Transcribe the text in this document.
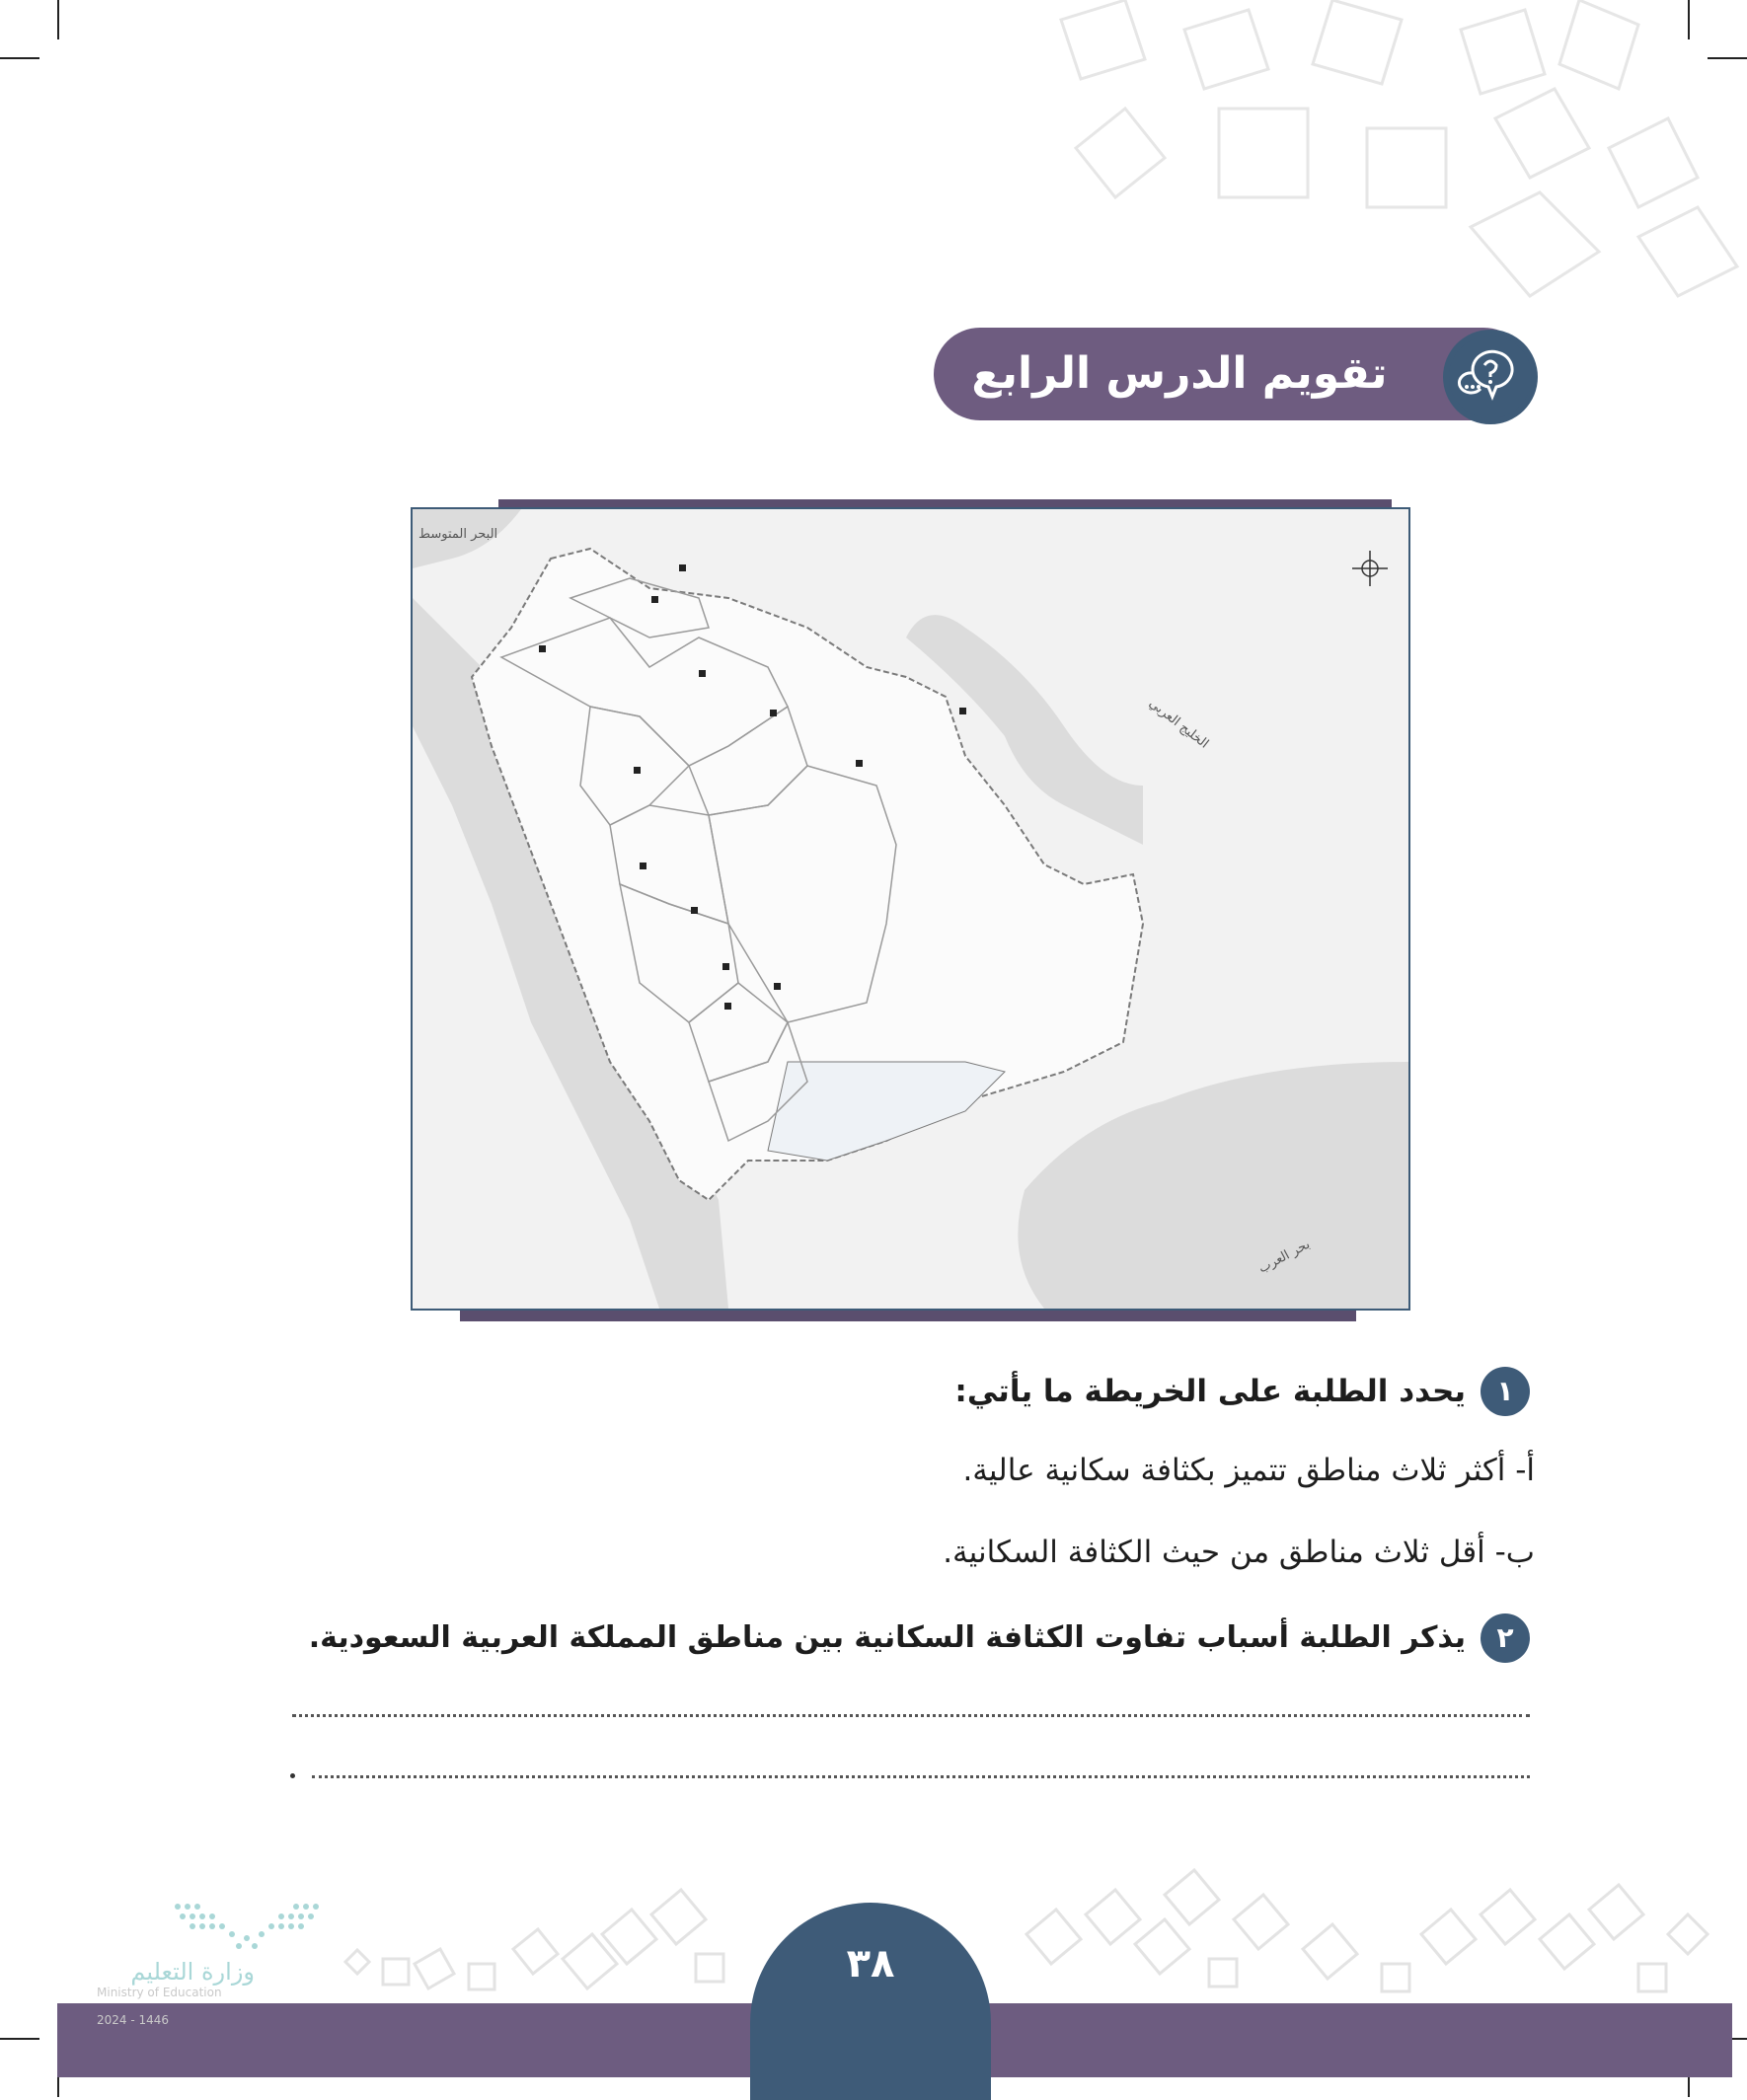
تقويم الدرس الرابع
البحر المتوسط
الخليج العربي
بحر العرب
١
يحدد الطلبة على الخريطة ما يأتي:
أ- أكثر ثلاث مناطق تتميز بكثافة سكانية عالية.
ب- أقل ثلاث مناطق من حيث الكثافة السكانية.
٢
يذكر الطلبة أسباب تفاوت الكثافة السكانية بين مناطق المملكة العربية السعودية.
٣٨
وزارة التعليم
Ministry of Education
2024 - 1446
